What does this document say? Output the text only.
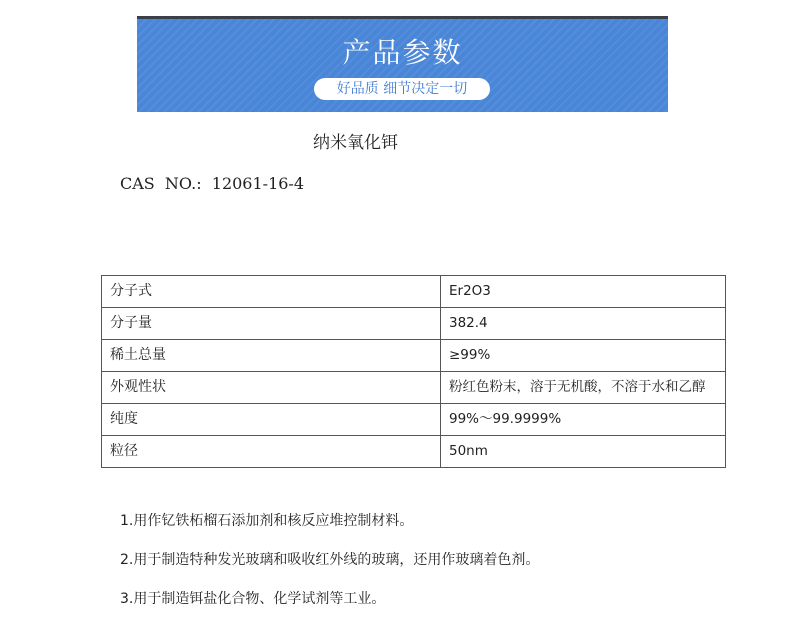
产品参数
好品质 细节决定一切
纳米氧化铒
CAS  NO.:  12061-16-4
分子式	Er2O3
分子量	382.4
稀土总量	≥99%
外观性状	粉红色粉末，溶于无机酸，不溶于水和乙醇
纯度	99%～99.9999%
粒径	50nm
1.用作钇铁柘榴石添加剂和核反应堆控制材料。
2.用于制造特种发光玻璃和吸收红外线的玻璃，还用作玻璃着色剂。
3.用于制造铒盐化合物、化学试剂等工业。
